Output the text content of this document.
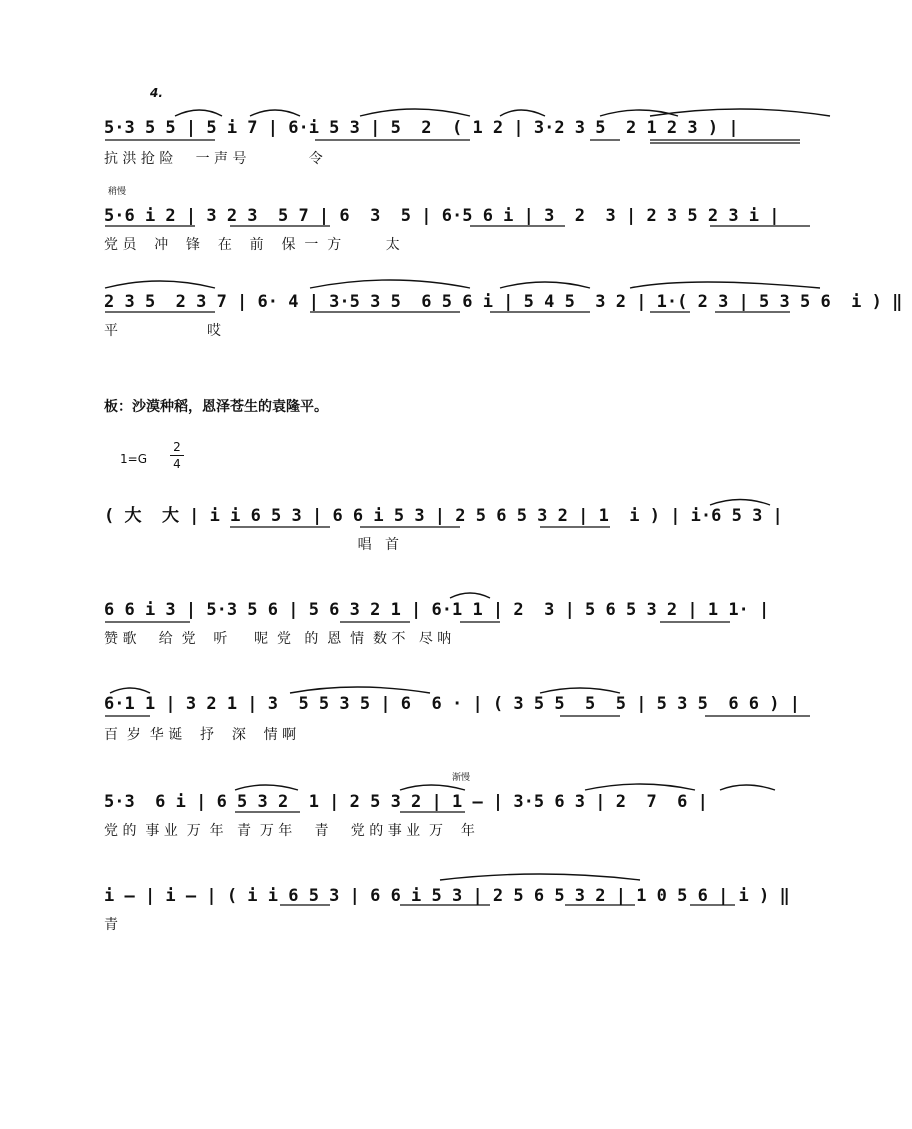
4.
5·3 5 5 | 5 i 7 | 6·i 5 3 | 5  2  ( 1 2 | 3·2 3 5  2 1 2 3 ) |
抗 洪 抢 险     一 声 号              令
稍慢
5·6 i 2 | 3 2 3  5 7 | 6  3  5 | 6·5 6 i | 3  2  3 | 2 3 5 2 3 i |
党 员    冲    锋    在    前    保  一  方          太
2 3 5  2 3 7 | 6· 4 | 3·5 3 5  6 5 6 i | 5 4 5  3 2 | 1·( 2 3 | 5 3 5 6  i ) ‖
平                    哎
板：沙漠种稻，恩泽苍生的袁隆平。
1=G
2
4
( 大  大 | i i 6 5 3 | 6 6 i 5 3 | 2 5 6 5 3 2 | 1  i ) | i·6 5 3 |
唱   首
6 6 i 3 | 5·3 5 6 | 5 6 3 2 1 | 6·1 1 | 2  3 | 5 6 5 3 2 | 1 1· |
赞 歌     给  党    听      呢  党   的  恩  情  数 不   尽 呐
6·1 1 | 3 2 1 | 3  5 5 3 5 | 6  6 · | ( 3 5 5  5  5 | 5 3 5  6 6 ) |
百  岁  华 诞    抒    深    情 啊
渐慢
5·3  6 i | 6 5 3 2  1 | 2 5 3 2 | 1 — | 3·5 6 3 | 2  7  6 |
党 的  事 业  万  年   青  万 年     青     党 的 事 业  万    年
i — | i — | ( i i 6 5 3 | 6 6 i 5 3 | 2 5 6 5 3 2 | 1 0 5 6 | i ) ‖
青
